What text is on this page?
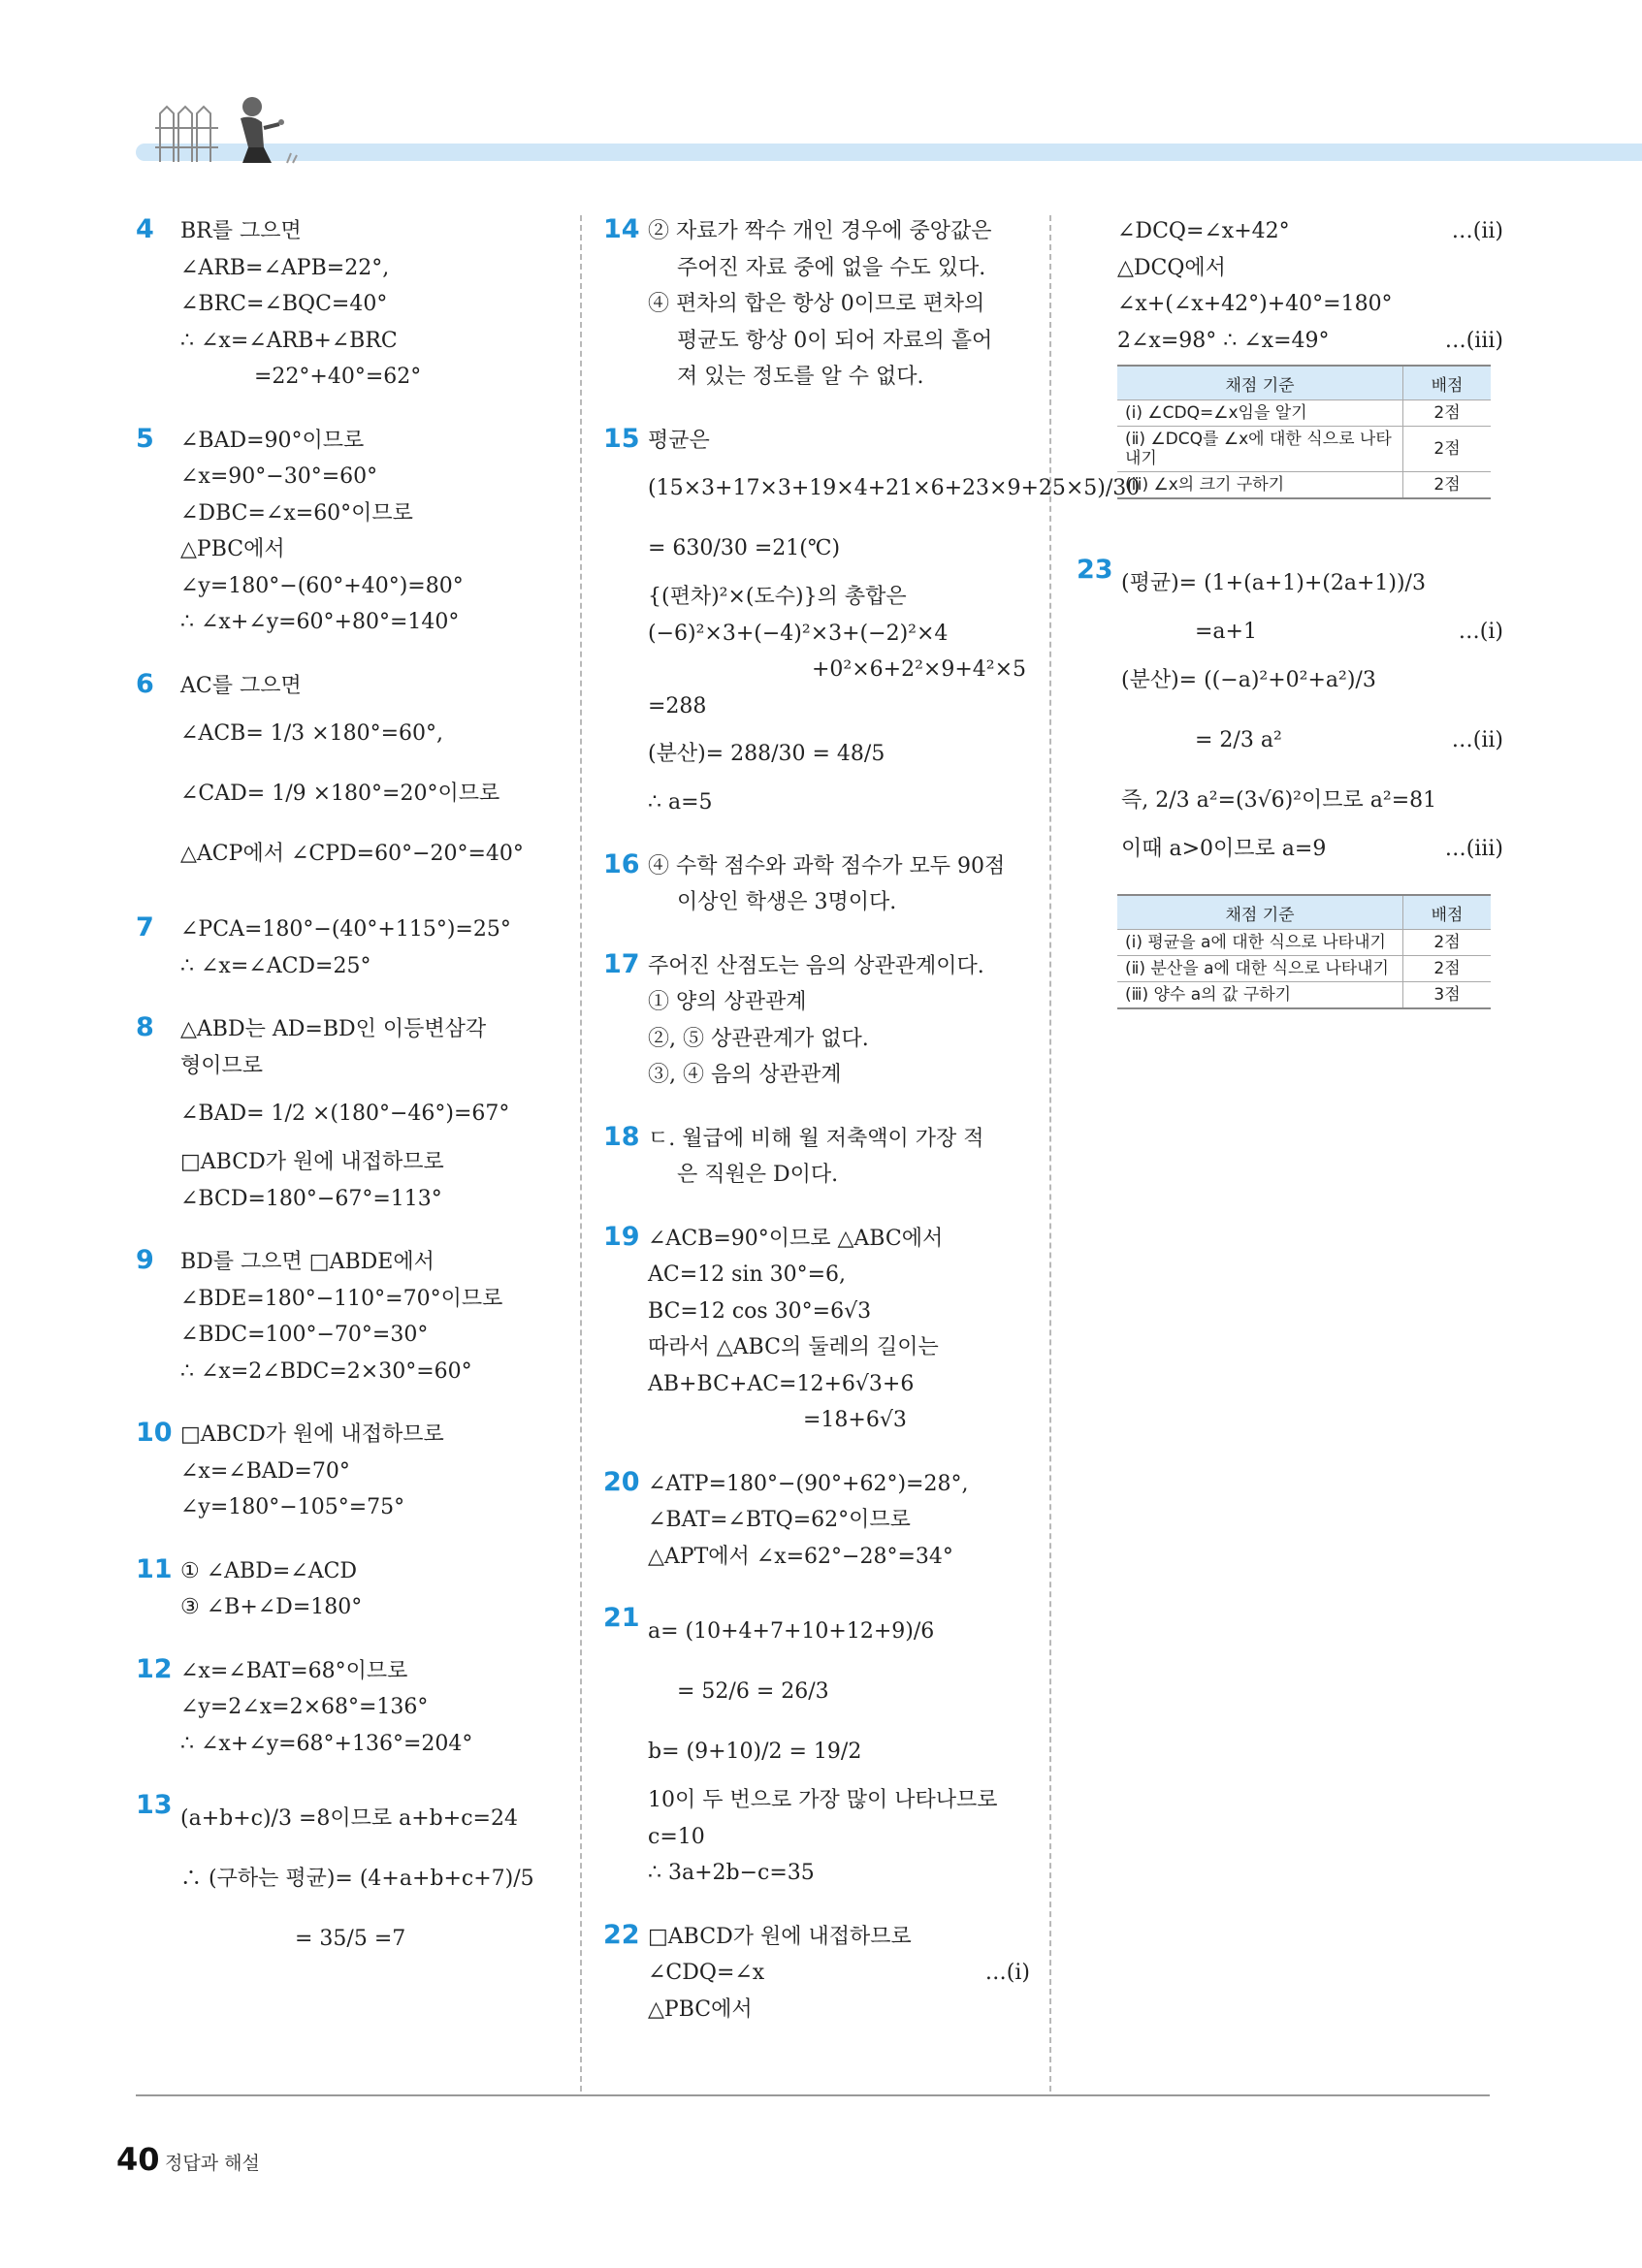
40 정답과 해설
4 BR를 그으면
∠ARB=∠APB=22°,
∠BRC=∠BQC=40°
∴ ∠x=∠ARB+∠BRC
=22°+40°=62°
5 ∠BAD=90°이므로
∠x=90°−30°=60°
∠DBC=∠x=60°이므로
△PBC에서
∠y=180°−(60°+40°)=80°
∴ ∠x+∠y=60°+80°=140°
6 AC를 그으면
∠ACB= 1/3 ×180°=60°,
∠CAD= 1/9 ×180°=20°이므로
△ACP에서 ∠CPD=60°−20°=40°
7 ∠PCA=180°−(40°+115°)=25°
∴ ∠x=∠ACD=25°
8 △ABD는 AD=BD인 이등변삼각
형이므로
∠BAD= 1/2 ×(180°−46°)=67°
□ABCD가 원에 내접하므로
∠BCD=180°−67°=113°
9 BD를 그으면 □ABDE에서
∠BDE=180°−110°=70°이므로
∠BDC=100°−70°=30°
∴ ∠x=2∠BDC=2×30°=60°
10 □ABCD가 원에 내접하므로
∠x=∠BAD=70°
∠y=180°−105°=75°
11 ① ∠ABD=∠ACD
③ ∠B+∠D=180°
12 ∠x=∠BAT=68°이므로
∠y=2∠x=2×68°=136°
∴ ∠x+∠y=68°+136°=204°
13 (a+b+c)/3 =8이므로 a+b+c=24
∴ (구하는 평균)= (4+a+b+c+7)/5
= 35/5 =7
14 ② 자료가 짝수 개인 경우에 중앙값은
주어진 자료 중에 없을 수도 있다.
④ 편차의 합은 항상 0이므로 편차의
평균도 항상 0이 되어 자료의 흩어
져 있는 정도를 알 수 없다.
15 평균은
(15×3+17×3+19×4+21×6+23×9+25×5)/30
= 630/30 =21(℃)
{(편차)²×(도수)}의 총합은
(−6)²×3+(−4)²×3+(−2)²×4
+0²×6+2²×9+4²×5
=288
(분산)= 288/30 = 48/5
∴ a=5
16 ④ 수학 점수와 과학 점수가 모두 90점
이상인 학생은 3명이다.
17 주어진 산점도는 음의 상관관계이다.
① 양의 상관관계
②, ⑤ 상관관계가 없다.
③, ④ 음의 상관관계
18 ㄷ. 월급에 비해 월 저축액이 가장 적
은 직원은 D이다.
19 ∠ACB=90°이므로 △ABC에서
AC=12 sin 30°=6,
BC=12 cos 30°=6√3
따라서 △ABC의 둘레의 길이는
AB+BC+AC=12+6√3+6
=18+6√3
20 ∠ATP=180°−(90°+62°)=28°,
∠BAT=∠BTQ=62°이므로
△APT에서 ∠x=62°−28°=34°
21 a= (10+4+7+10+12+9)/6
= 52/6 = 26/3
b= (9+10)/2 = 19/2
10이 두 번으로 가장 많이 나타나므로
c=10
∴ 3a+2b−c=35
22 □ABCD가 원에 내접하므로
…(ⅰ)
∠CDQ=∠x
△PBC에서
…(ⅱ)
∠DCQ=∠x+42°
△DCQ에서
∠x+(∠x+42°)+40°=180°
…(ⅲ)
2∠x=98° ∴ ∠x=49°
채점 기준	배점
(ⅰ) ∠CDQ=∠x임을 알기	2점
(ⅱ) ∠DCQ를 ∠x에 대한 식으로 나타내기	2점
(ⅲ) ∠x의 크기 구하기	2점
23 (평균)= (1+(a+1)+(2a+1))/3
…(ⅰ)
=a+1
(분산)= ((−a)²+0²+a²)/3
…(ⅱ)
= 2/3 a²
즉, 2/3 a²=(3√6)²이므로 a²=81
…(ⅲ)
이때 a>0이므로 a=9
채점 기준	배점
(ⅰ) 평균을 a에 대한 식으로 나타내기	2점
(ⅱ) 분산을 a에 대한 식으로 나타내기	2점
(ⅲ) 양수 a의 값 구하기	3점
